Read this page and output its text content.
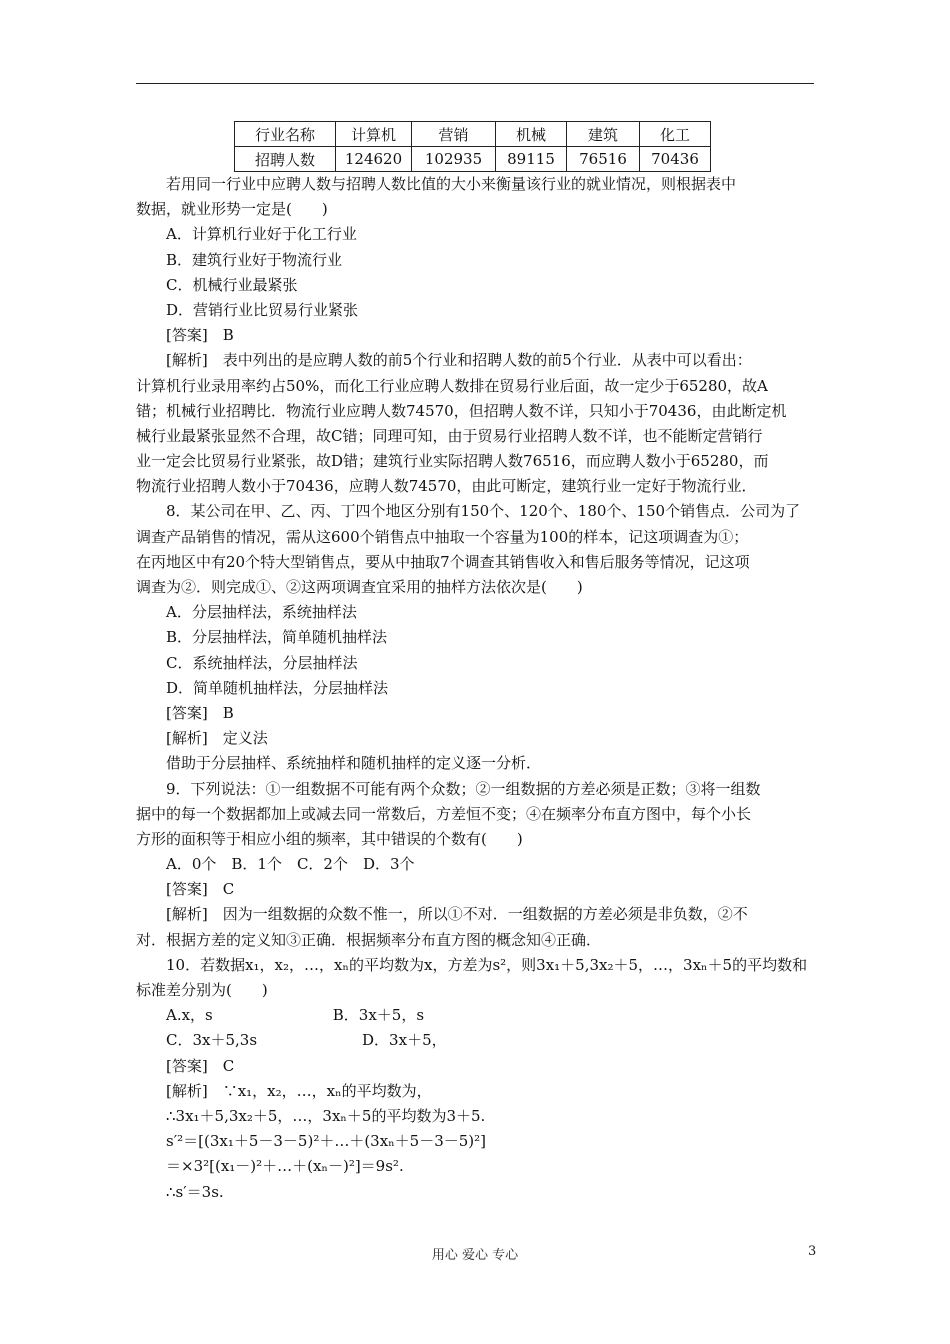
行业名称	计算机	营销	机械	建筑	化工
招聘人数	124620	102935	89115	76516	70436
若用同一行业中应聘人数与招聘人数比值的大小来衡量该行业的就业情况，则根据表中
数据，就业形势一定是(　　)
A．计算机行业好于化工行业
B．建筑行业好于物流行业
C．机械行业最紧张
D．营销行业比贸易行业紧张
[答案]　B
[解析]　表中列出的是应聘人数的前5个行业和招聘人数的前5个行业．从表中可以看出：
计算机行业录用率约占50%，而化工行业应聘人数排在贸易行业后面，故一定少于65280，故A
错；机械行业招聘比．物流行业应聘人数74570，但招聘人数不详，只知小于70436，由此断定机
械行业最紧张显然不合理，故C错；同理可知，由于贸易行业招聘人数不详，也不能断定营销行
业一定会比贸易行业紧张，故D错；建筑行业实际招聘人数76516，而应聘人数小于65280，而
物流行业招聘人数小于70436，应聘人数74570，由此可断定，建筑行业一定好于物流行业．
8．某公司在甲、乙、丙、丁四个地区分别有150个、120个、180个、150个销售点．公司为了
调查产品销售的情况，需从这600个销售点中抽取一个容量为100的样本，记这项调查为①；
在丙地区中有20个特大型销售点，要从中抽取7个调查其销售收入和售后服务等情况，记这项
调查为②．则完成①、②这两项调查宜采用的抽样方法依次是(　　)
A．分层抽样法，系统抽样法
B．分层抽样法，简单随机抽样法
C．系统抽样法，分层抽样法
D．简单随机抽样法，分层抽样法
[答案]　B
[解析]　定义法
借助于分层抽样、系统抽样和随机抽样的定义逐一分析．
9．下列说法：①一组数据不可能有两个众数；②一组数据的方差必须是正数；③将一组数
据中的每一个数据都加上或减去同一常数后，方差恒不变；④在频率分布直方图中，每个小长
方形的面积等于相应小组的频率，其中错误的个数有(　　)
A．0个　B．1个　C．2个　D．3个
[答案]　C
[解析]　因为一组数据的众数不惟一，所以①不对．一组数据的方差必须是非负数，②不
对．根据方差的定义知③正确．根据频率分布直方图的概念知④正确．
10．若数据x₁，x₂，…，xₙ的平均数为x，方差为s²，则3x₁＋5,3x₂＋5，…，3xₙ＋5的平均数和
标准差分别为(　　)
A.x，s　　　　　　　　B．3x＋5，s
C．3x＋5,3s　　　　　　　D．3x＋5，
[答案]　C
[解析]　∵x₁，x₂，…，xₙ的平均数为，
∴3x₁＋5,3x₂＋5，…，3xₙ＋5的平均数为3＋5.
s′²＝[(3x₁＋5－3－5)²＋…＋(3xₙ＋5－3－5)²]
＝×3²[(x₁－)²＋…＋(xₙ－)²]＝9s².
∴s′＝3s.
用心 爱心 专心	3
